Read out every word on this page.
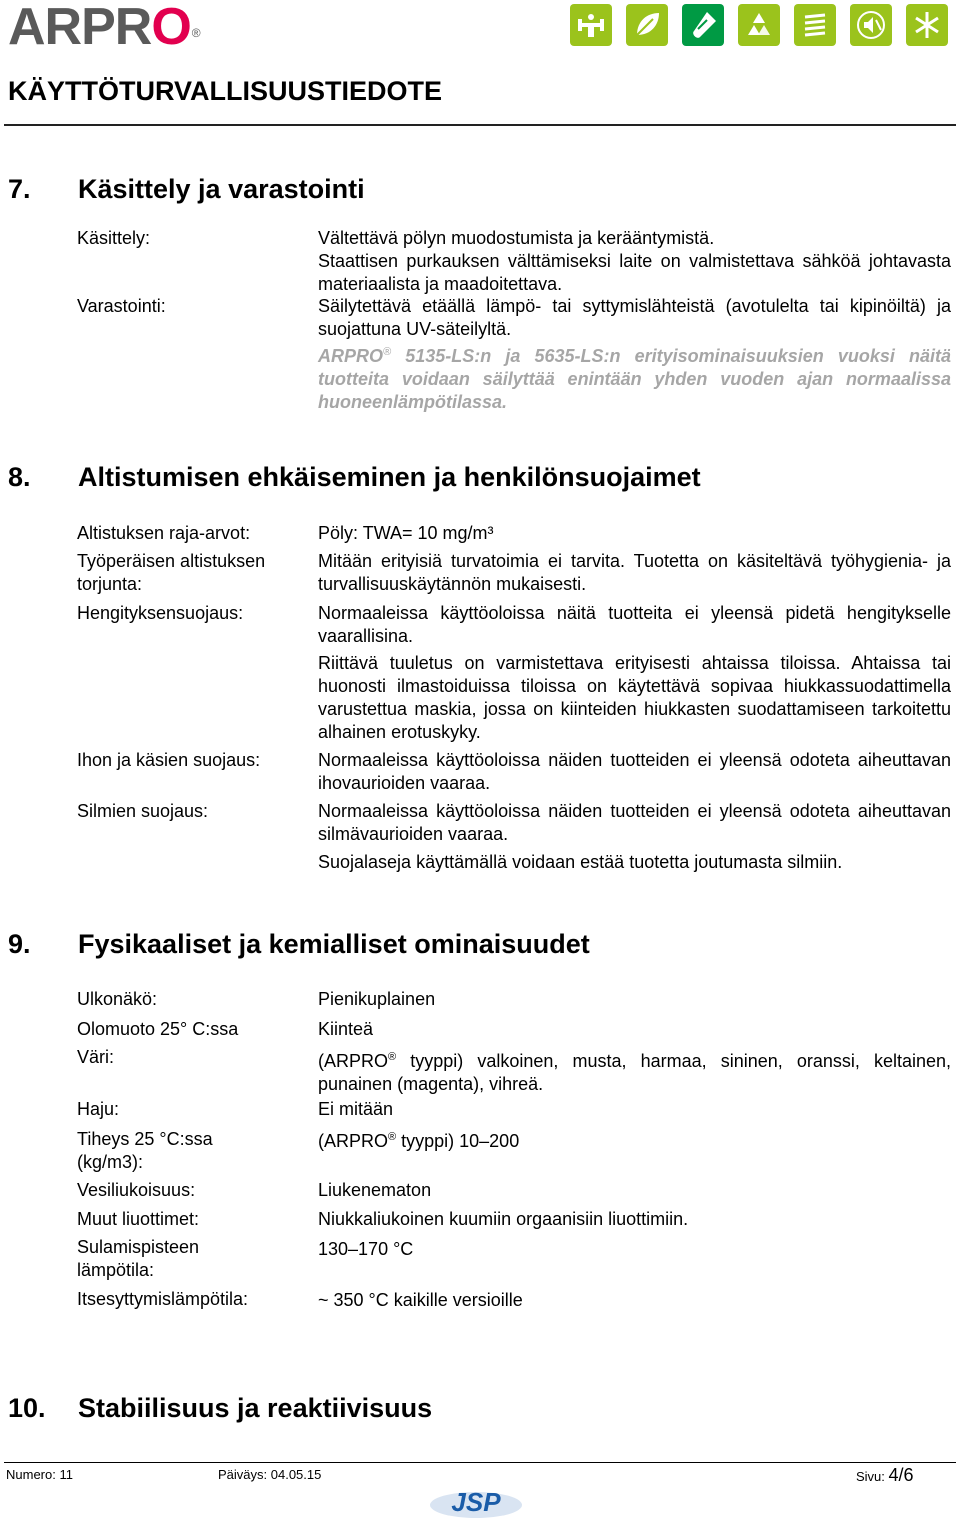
ARPRO®
KÄYTTÖTURVALLISUUSTIEDOTE
7. Käsittely ja varastointi
Käsittely:	Vältettävä pölyn muodostumista ja kerääntymistä.
Staattisen purkauksen välttämiseksi laite on valmistettava sähköä johtavasta materiaalista ja maadoitettava.
Varastointi:	Säilytettävä etäällä lämpö- tai syttymislähteistä (avotulelta tai kipinöiltä) ja suojattuna UV-säteilyltä.
ARPRO® 5135-LS:n ja 5635-LS:n erityisominaisuuksien vuoksi näitä tuotteita voidaan säilyttää enintään yhden vuoden ajan normaalissa huoneenlämpötilassa.
8. Altistumisen ehkäiseminen ja henkilönsuojaimet
Altistuksen raja-arvot:	Pöly: TWA= 10 mg/m³
Työperäisen altistuksen torjunta:
Mitään erityisiä turvatoimia ei tarvita. Tuotetta on käsiteltävä työhygienia- ja turvallisuuskäytännön mukaisesti.
Hengityksensuojaus:	Normaaleissa käyttöoloissa näitä tuotteita ei yleensä pidetä hengitykselle vaarallisina.
Riittävä tuuletus on varmistettava erityisesti ahtaissa tiloissa. Ahtaissa tai huonosti ilmastoiduissa tiloissa on käytettävä sopivaa hiukkassuodattimella varustettua maskia, jossa on kiinteiden hiukkasten suodattamiseen tarkoitettu alhainen erotuskyky.
Ihon ja käsien suojaus:	Normaaleissa käyttöoloissa näiden tuotteiden ei yleensä odoteta aiheuttavan ihovaurioiden vaaraa.
Silmien suojaus:	Normaaleissa käyttöoloissa näiden tuotteiden ei yleensä odoteta aiheuttavan silmävaurioiden vaaraa.
Suojalaseja käyttämällä voidaan estää tuotetta joutumasta silmiin.
9. Fysikaaliset ja kemialliset ominaisuudet
Ulkonäkö:	Pienikuplainen
Olomuoto 25° C:ssa	Kiinteä
Väri:	(ARPRO® tyyppi) valkoinen, musta, harmaa, sininen, oranssi, keltainen, punainen (magenta), vihreä.
Haju:	Ei mitään
Tiheys 25 °C:ssa (kg/m3):
(ARPRO® tyyppi) 10–200
Vesiliukoisuus:	Liukenematon
Muut liuottimet:	Niukkaliukoinen kuumiin orgaanisiin liuottimiin.
Sulamispisteen lämpötila:
130–170 °C
Itsesyttymislämpötila:	~ 350 °C kaikille versioille
10. Stabiilisuus ja reaktiivisuus
Numero: 11	Päiväys: 04.05.15	Sivu: 4/6
JSP
